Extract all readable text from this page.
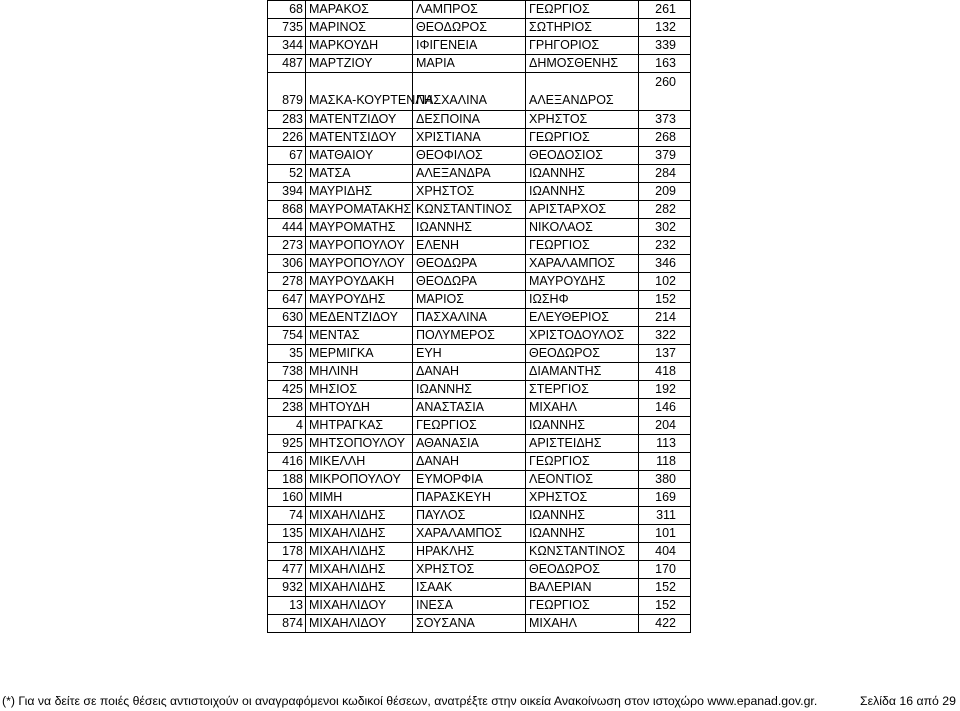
68	ΜΑΡΑΚΟΣ	ΛΑΜΠΡΟΣ	ΓΕΩΡΓΙΟΣ	261
735	ΜΑΡΙΝΟΣ	ΘΕΟΔΩΡΟΣ	ΣΩΤΗΡΙΟΣ	132
344	ΜΑΡΚΟΥΔΗ	ΙΦΙΓΕΝΕΙΑ	ΓΡΗΓΟΡΙΟΣ	339
487	ΜΑΡΤΖΙΟΥ	ΜΑΡΙΑ	ΔΗΜΟΣΘΕΝΗΣ	163
879	ΜΑΣΚΑ-ΚΟΥΡΤΕΝΛΗ	ΠΑΣΧΑΛΙΝΑ	ΑΛΕΞΑΝΔΡΟΣ	260
283	ΜΑΤΕΝΤΖΙΔΟΥ	ΔΕΣΠΟΙΝΑ	ΧΡΗΣΤΟΣ	373
226	ΜΑΤΕΝΤΣΙΔΟΥ	ΧΡΙΣΤΙΑΝΑ	ΓΕΩΡΓΙΟΣ	268
67	ΜΑΤΘΑΙΟΥ	ΘΕΟΦΙΛΟΣ	ΘΕΟΔΟΣΙΟΣ	379
52	ΜΑΤΣΑ	ΑΛΕΞΑΝΔΡΑ	ΙΩΑΝΝΗΣ	284
394	ΜΑΥΡΙΔΗΣ	ΧΡΗΣΤΟΣ	ΙΩΑΝΝΗΣ	209
868	ΜΑΥΡΟΜΑΤΑΚΗΣ	ΚΩΝΣΤΑΝΤΙΝΟΣ	ΑΡΙΣΤΑΡΧΟΣ	282
444	ΜΑΥΡΟΜΑΤΗΣ	ΙΩΑΝΝΗΣ	ΝΙΚΟΛΑΟΣ	302
273	ΜΑΥΡΟΠΟΥΛΟΥ	ΕΛΕΝΗ	ΓΕΩΡΓΙΟΣ	232
306	ΜΑΥΡΟΠΟΥΛΟΥ	ΘΕΟΔΩΡΑ	ΧΑΡΑΛΑΜΠΟΣ	346
278	ΜΑΥΡΟΥΔΑΚΗ	ΘΕΟΔΩΡΑ	ΜΑΥΡΟΥΔΗΣ	102
647	ΜΑΥΡΟΥΔΗΣ	ΜΑΡΙΟΣ	ΙΩΣΗΦ	152
630	ΜΕΔΕΝΤΖΙΔΟΥ	ΠΑΣΧΑΛΙΝΑ	ΕΛΕΥΘΕΡΙΟΣ	214
754	ΜΕΝΤΑΣ	ΠΟΛΥΜΕΡΟΣ	ΧΡΙΣΤΟΔΟΥΛΟΣ	322
35	ΜΕΡΜΙΓΚΑ	ΕΥΗ	ΘΕΟΔΩΡΟΣ	137
738	ΜΗΛΙΝΗ	ΔΑΝΑΗ	ΔΙΑΜΑΝΤΗΣ	418
425	ΜΗΣΙΟΣ	ΙΩΑΝΝΗΣ	ΣΤΕΡΓΙΟΣ	192
238	ΜΗΤΟΥΔΗ	ΑΝΑΣΤΑΣΙΑ	ΜΙΧΑΗΛ	146
4	ΜΗΤΡΑΓΚΑΣ	ΓΕΩΡΓΙΟΣ	ΙΩΑΝΝΗΣ	204
925	ΜΗΤΣΟΠΟΥΛΟΥ	ΑΘΑΝΑΣΙΑ	ΑΡΙΣΤΕΙΔΗΣ	113
416	ΜΙΚΕΛΛΗ	ΔΑΝΑΗ	ΓΕΩΡΓΙΟΣ	118
188	ΜΙΚΡΟΠΟΥΛΟΥ	ΕΥΜΟΡΦΙΑ	ΛΕΟΝΤΙΟΣ	380
160	ΜΙΜΗ	ΠΑΡΑΣΚΕΥΗ	ΧΡΗΣΤΟΣ	169
74	ΜΙΧΑΗΛΙΔΗΣ	ΠΑΥΛΟΣ	ΙΩΑΝΝΗΣ	311
135	ΜΙΧΑΗΛΙΔΗΣ	ΧΑΡΑΛΑΜΠΟΣ	ΙΩΑΝΝΗΣ	101
178	ΜΙΧΑΗΛΙΔΗΣ	ΗΡΑΚΛΗΣ	ΚΩΝΣΤΑΝΤΙΝΟΣ	404
477	ΜΙΧΑΗΛΙΔΗΣ	ΧΡΗΣΤΟΣ	ΘΕΟΔΩΡΟΣ	170
932	ΜΙΧΑΗΛΙΔΗΣ	ΙΣΑΑΚ	ΒΑΛΕΡΙΑΝ	152
13	ΜΙΧΑΗΛΙΔΟΥ	ΙΝΕΣΑ	ΓΕΩΡΓΙΟΣ	152
874	ΜΙΧΑΗΛΙΔΟΥ	ΣΟΥΣΑΝΑ	ΜΙΧΑΗΛ	422
(*) Για να δείτε σε ποιές θέσεις αντιστοιχούν οι αναγραφόμενοι κωδικοί θέσεων, ανατρέξτε στην οικεία Ανακοίνωση στον ιστοχώρο www.epanad.gov.gr.	Σελίδα 16 από 29
